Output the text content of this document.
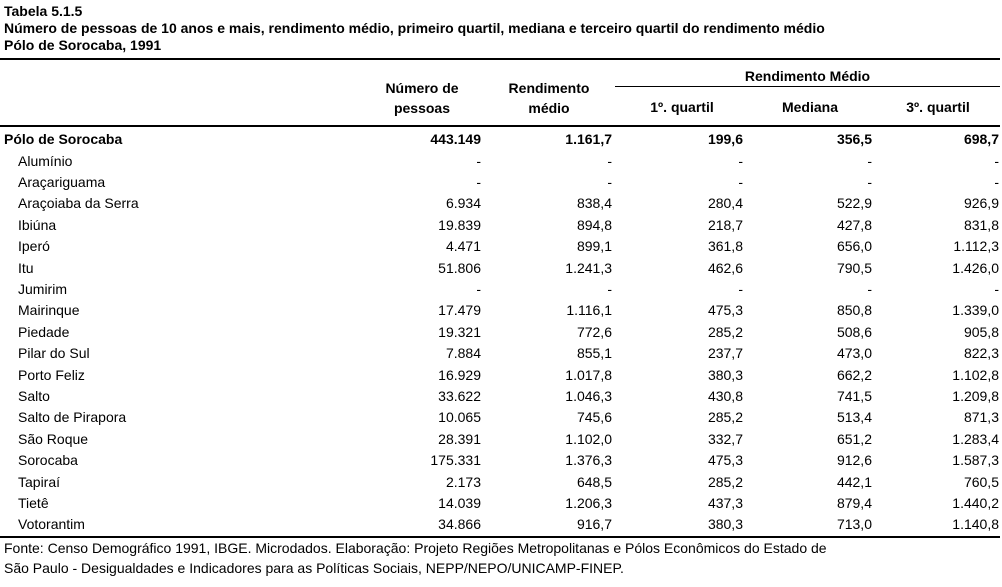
Tabela 5.1.5
Número de pessoas de 10 anos e mais, rendimento médio, primeiro quartil, mediana e terceiro quartil do rendimento médio
Pólo de Sorocaba, 1991
Número de
pessoas
Rendimento
médio
Rendimento Médio
1º. quartil	Mediana	3º. quartil
Pólo de Sorocaba	443.149	1.161,7	199,6	356,5	698,7
Alumínio	-	-	-	-	-
Araçariguama	-	-	-	-	-
Araçoiaba da Serra	6.934	838,4	280,4	522,9	926,9
Ibiúna	19.839	894,8	218,7	427,8	831,8
Iperó	4.471	899,1	361,8	656,0	1.112,3
Itu	51.806	1.241,3	462,6	790,5	1.426,0
Jumirim	-	-	-	-	-
Mairinque	17.479	1.116,1	475,3	850,8	1.339,0
Piedade	19.321	772,6	285,2	508,6	905,8
Pilar do Sul	7.884	855,1	237,7	473,0	822,3
Porto Feliz	16.929	1.017,8	380,3	662,2	1.102,8
Salto	33.622	1.046,3	430,8	741,5	1.209,8
Salto de Pirapora	10.065	745,6	285,2	513,4	871,3
São Roque	28.391	1.102,0	332,7	651,2	1.283,4
Sorocaba	175.331	1.376,3	475,3	912,6	1.587,3
Tapiraí	2.173	648,5	285,2	442,1	760,5
Tietê	14.039	1.206,3	437,3	879,4	1.440,2
Votorantim	34.866	916,7	380,3	713,0	1.140,8
Fonte: Censo Demográfico 1991, IBGE. Microdados. Elaboração: Projeto Regiões Metropolitanas e Pólos Econômicos do Estado de
São Paulo - Desigualdades e Indicadores para as Políticas Sociais, NEPP/NEPO/UNICAMP-FINEP.
